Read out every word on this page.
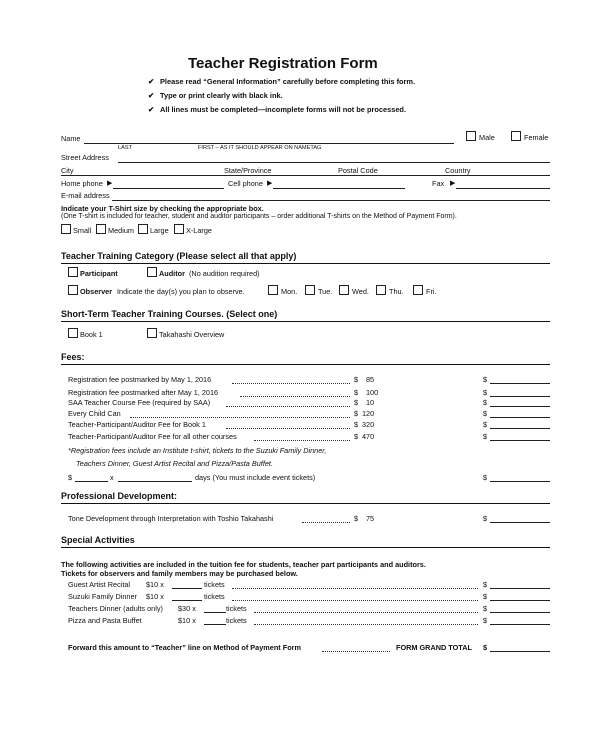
Teacher Registration Form
✔ Please read “General Information” carefully before completing this form.
✔ Type or print clearly with black ink.
✔ All lines must be completed—incomplete forms will not be processed.
Name
LAST	FIRST – AS IT SHOULD APPEAR ON NAMETAG
Male	Female
Street Address
City	State/Province	Postal Code	Country
Home phone ▶	Cell phone ▶	Fax ▶
E-mail address
Indicate your T-Shirt size by checking the appropriate box.
(One T-shirt is included for teacher, student and auditor participants – order additional T-shirts on the Method of Payment Form).
Small Medium Large X-Large
Teacher Training Category (Please select all that apply)
Participant	Auditor (No audition required)
Observer Indicate the day(s) you plan to observe.	Mon.	Tue.	Wed.	Thu.	Fri.
Short-Term Teacher Training Courses. (Select one)
Book 1	Takahashi Overview
Fees:
Registration fee postmarked by May 1, 2016	$ 85	$
Registration fee postmarked after May 1, 2016	$ 100	$
SAA Teacher Course Fee (required by SAA)	$ 10	$
Every Child Can	$ 120	$
Teacher-Participant/Auditor Fee for Book 1	$ 320	$
Teacher-Participant/Auditor Fee for all other courses	$ 470	$
*Registration fees include an Institute t-shirt, tickets to the Suzuki Family Dinner,
Teachers Dinner, Guest Artist Recital and Pizza/Pasta Buffet.
$	x	days (You must include event tickets)	$
Professional Development:
Tone Development through Interpretation with Toshio Takahashi	$ 75	$
Special Activities
The following activities are included in the tuition fee for students, teacher part participants and auditors.
Tickets for observers and family members may be purchased below.
Guest Artist Recital $10 x	tickets	$
Suzuki Family Dinner $10 x	tickets	$
Teachers Dinner (adults only) $30 x	tickets	$
Pizza and Pasta Buffet	$10 x	tickets	$
Forward this amount to “Teacher” line on Method of Payment Form	FORM GRAND TOTAL $
